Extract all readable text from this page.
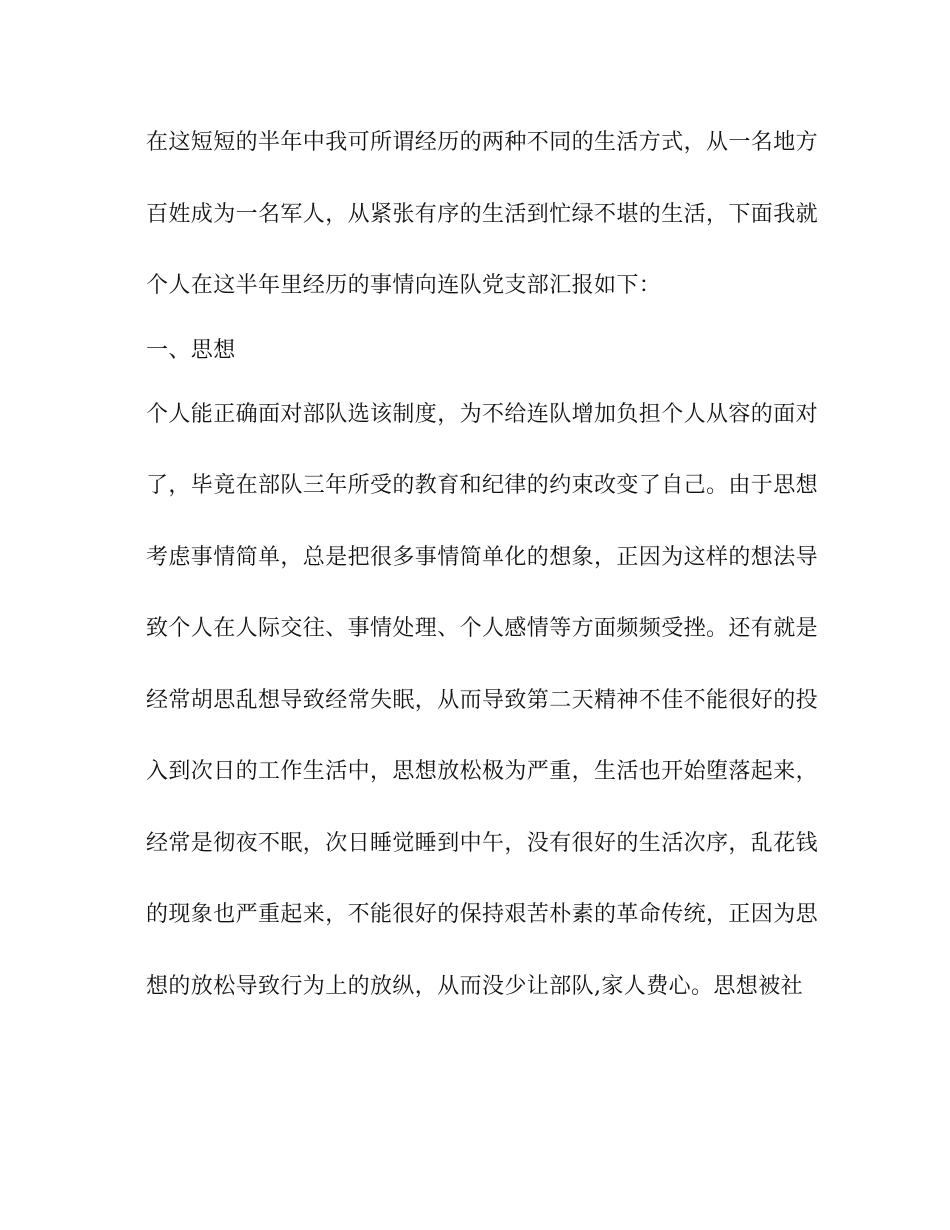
在这短短的半年中我可所谓经历的两种不同的生活方式，从一名地方
百姓成为一名军人，从紧张有序的生活到忙绿不堪的生活，下面我就
个人在这半年里经历的事情向连队党支部汇报如下：
一、思想
个人能正确面对部队选该制度，为不给连队增加负担个人从容的面对
了，毕竟在部队三年所受的教育和纪律的约束改变了自己。由于思想
考虑事情简单，总是把很多事情简单化的想象，正因为这样的想法导
致个人在人际交往、事情处理、个人感情等方面频频受挫。还有就是
经常胡思乱想导致经常失眠，从而导致第二天精神不佳不能很好的投
入到次日的工作生活中，思想放松极为严重，生活也开始堕落起来，
经常是彻夜不眠，次日睡觉睡到中午，没有很好的生活次序，乱花钱
的现象也严重起来，不能很好的保持艰苦朴素的革命传统，正因为思
想的放松导致行为上的放纵，从而没少让部队,家人费心。思想被社
